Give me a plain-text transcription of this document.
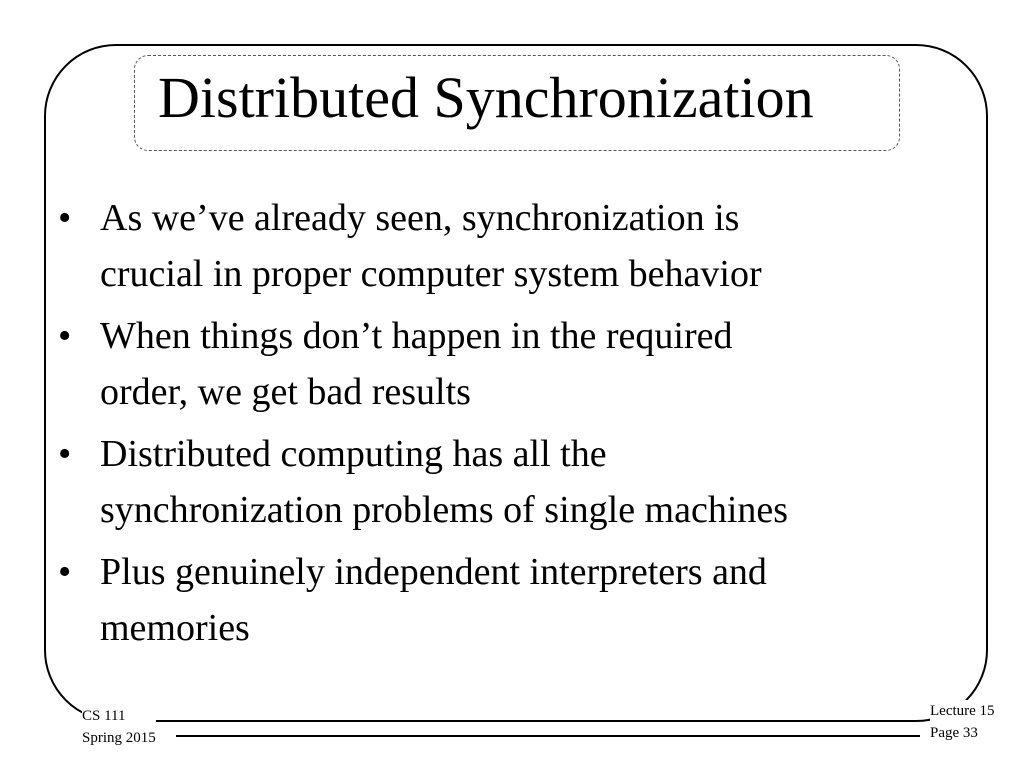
Distributed Synchronization
• As we’ve already seen, synchronization is
crucial in proper computer system behavior
• When things don’t happen in the required
order, we get bad results
• Distributed computing has all the
synchronization problems of single machines
• Plus genuinely independent interpreters and
memories
CS 111
Spring 2015
Lecture 15
Page 33
